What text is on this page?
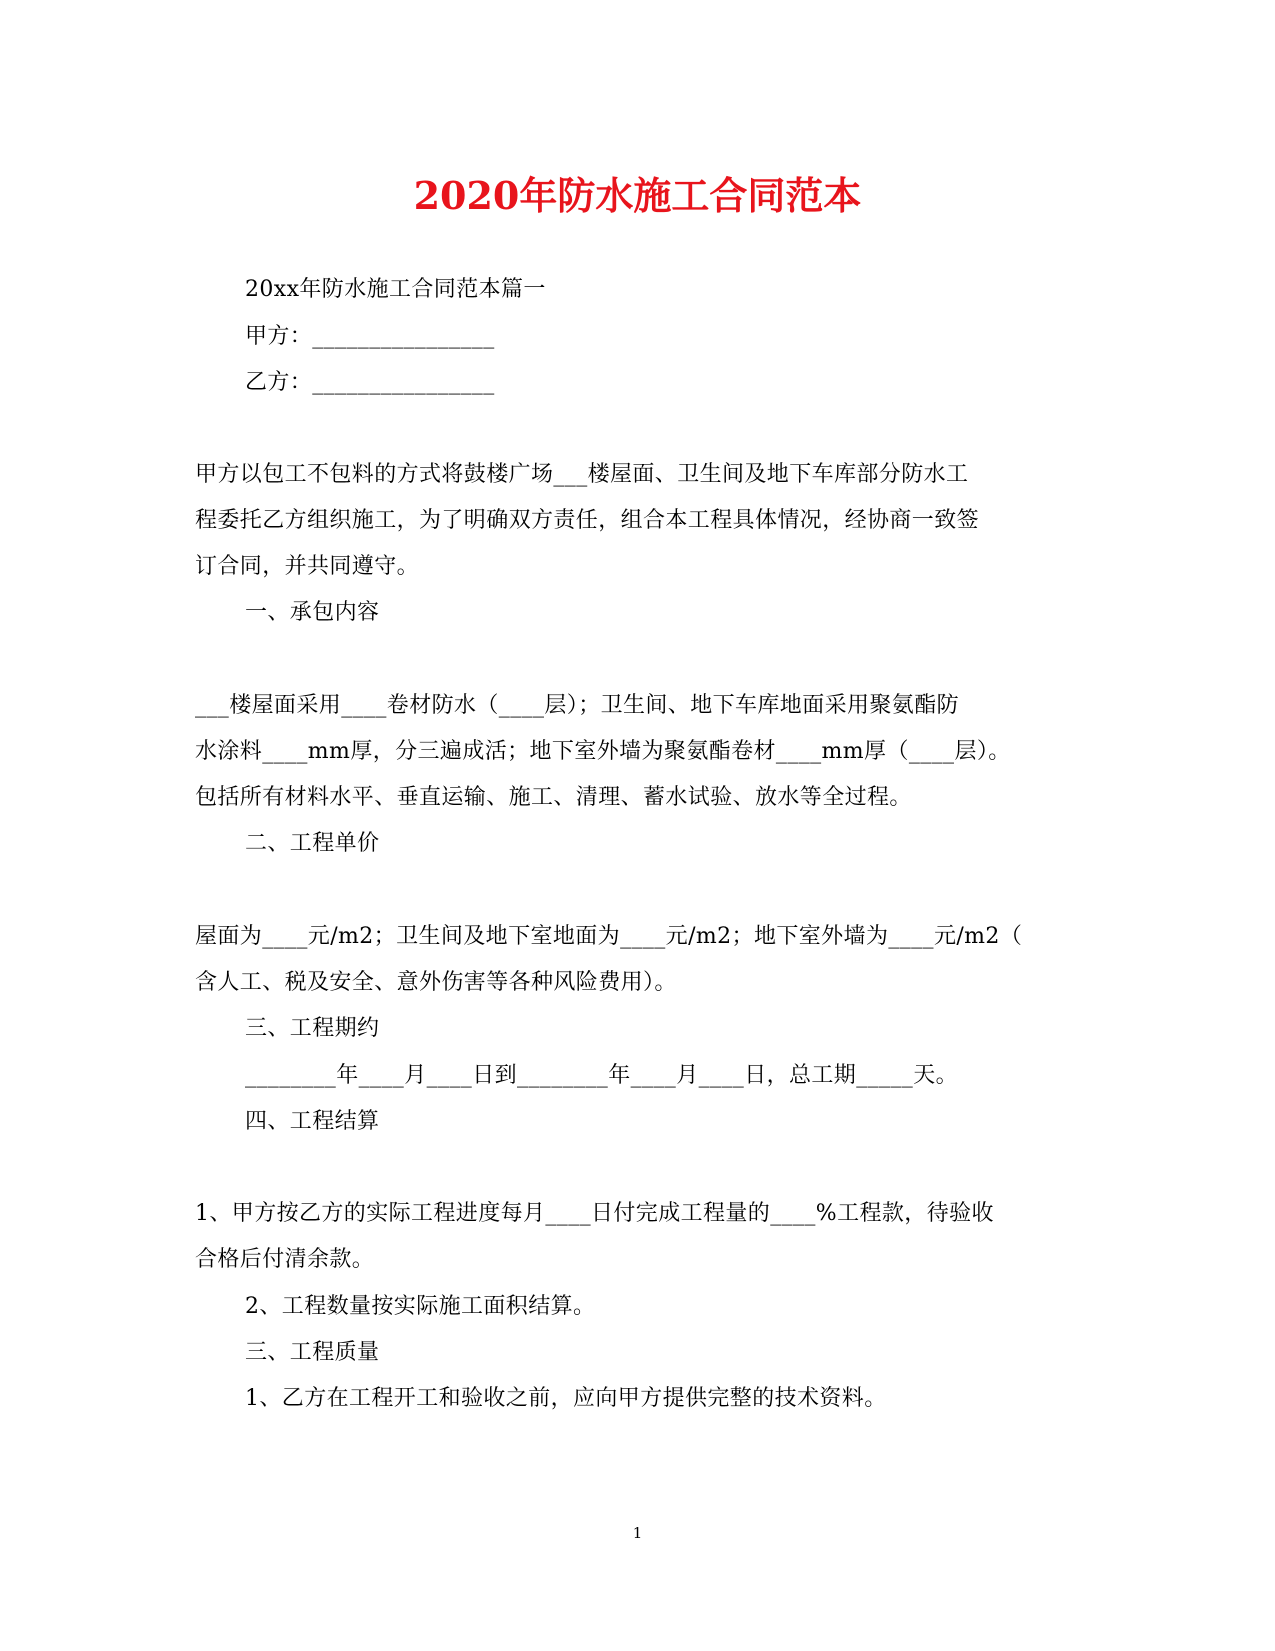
2020年防水施工合同范本
20xx年防水施工合同范本篇一
甲方：________________
乙方：________________
甲方以包工不包料的方式将鼓楼广场___楼屋面、卫生间及地下车库部分防水工
程委托乙方组织施工，为了明确双方责任，组合本工程具体情况，经协商一致签
订合同，并共同遵守。
一、承包内容
___楼屋面采用____卷材防水（____层）；卫生间、地下车库地面采用聚氨酯防
水涂料____mm厚，分三遍成活；地下室外墙为聚氨酯卷材____mm厚（____层）。
包括所有材料水平、垂直运输、施工、清理、蓄水试验、放水等全过程。
二、工程单价
屋面为____元/m2；卫生间及地下室地面为____元/m2；地下室外墙为____元/m2（
含人工、税及安全、意外伤害等各种风险费用）。
三、工程期约
________年____月____日到________年____月____日，总工期_____天。
四、工程结算
1、甲方按乙方的实际工程进度每月____日付完成工程量的____%工程款，待验收
合格后付清余款。
2、工程数量按实际施工面积结算。
三、工程质量
1、乙方在工程开工和验收之前，应向甲方提供完整的技术资料。
1
